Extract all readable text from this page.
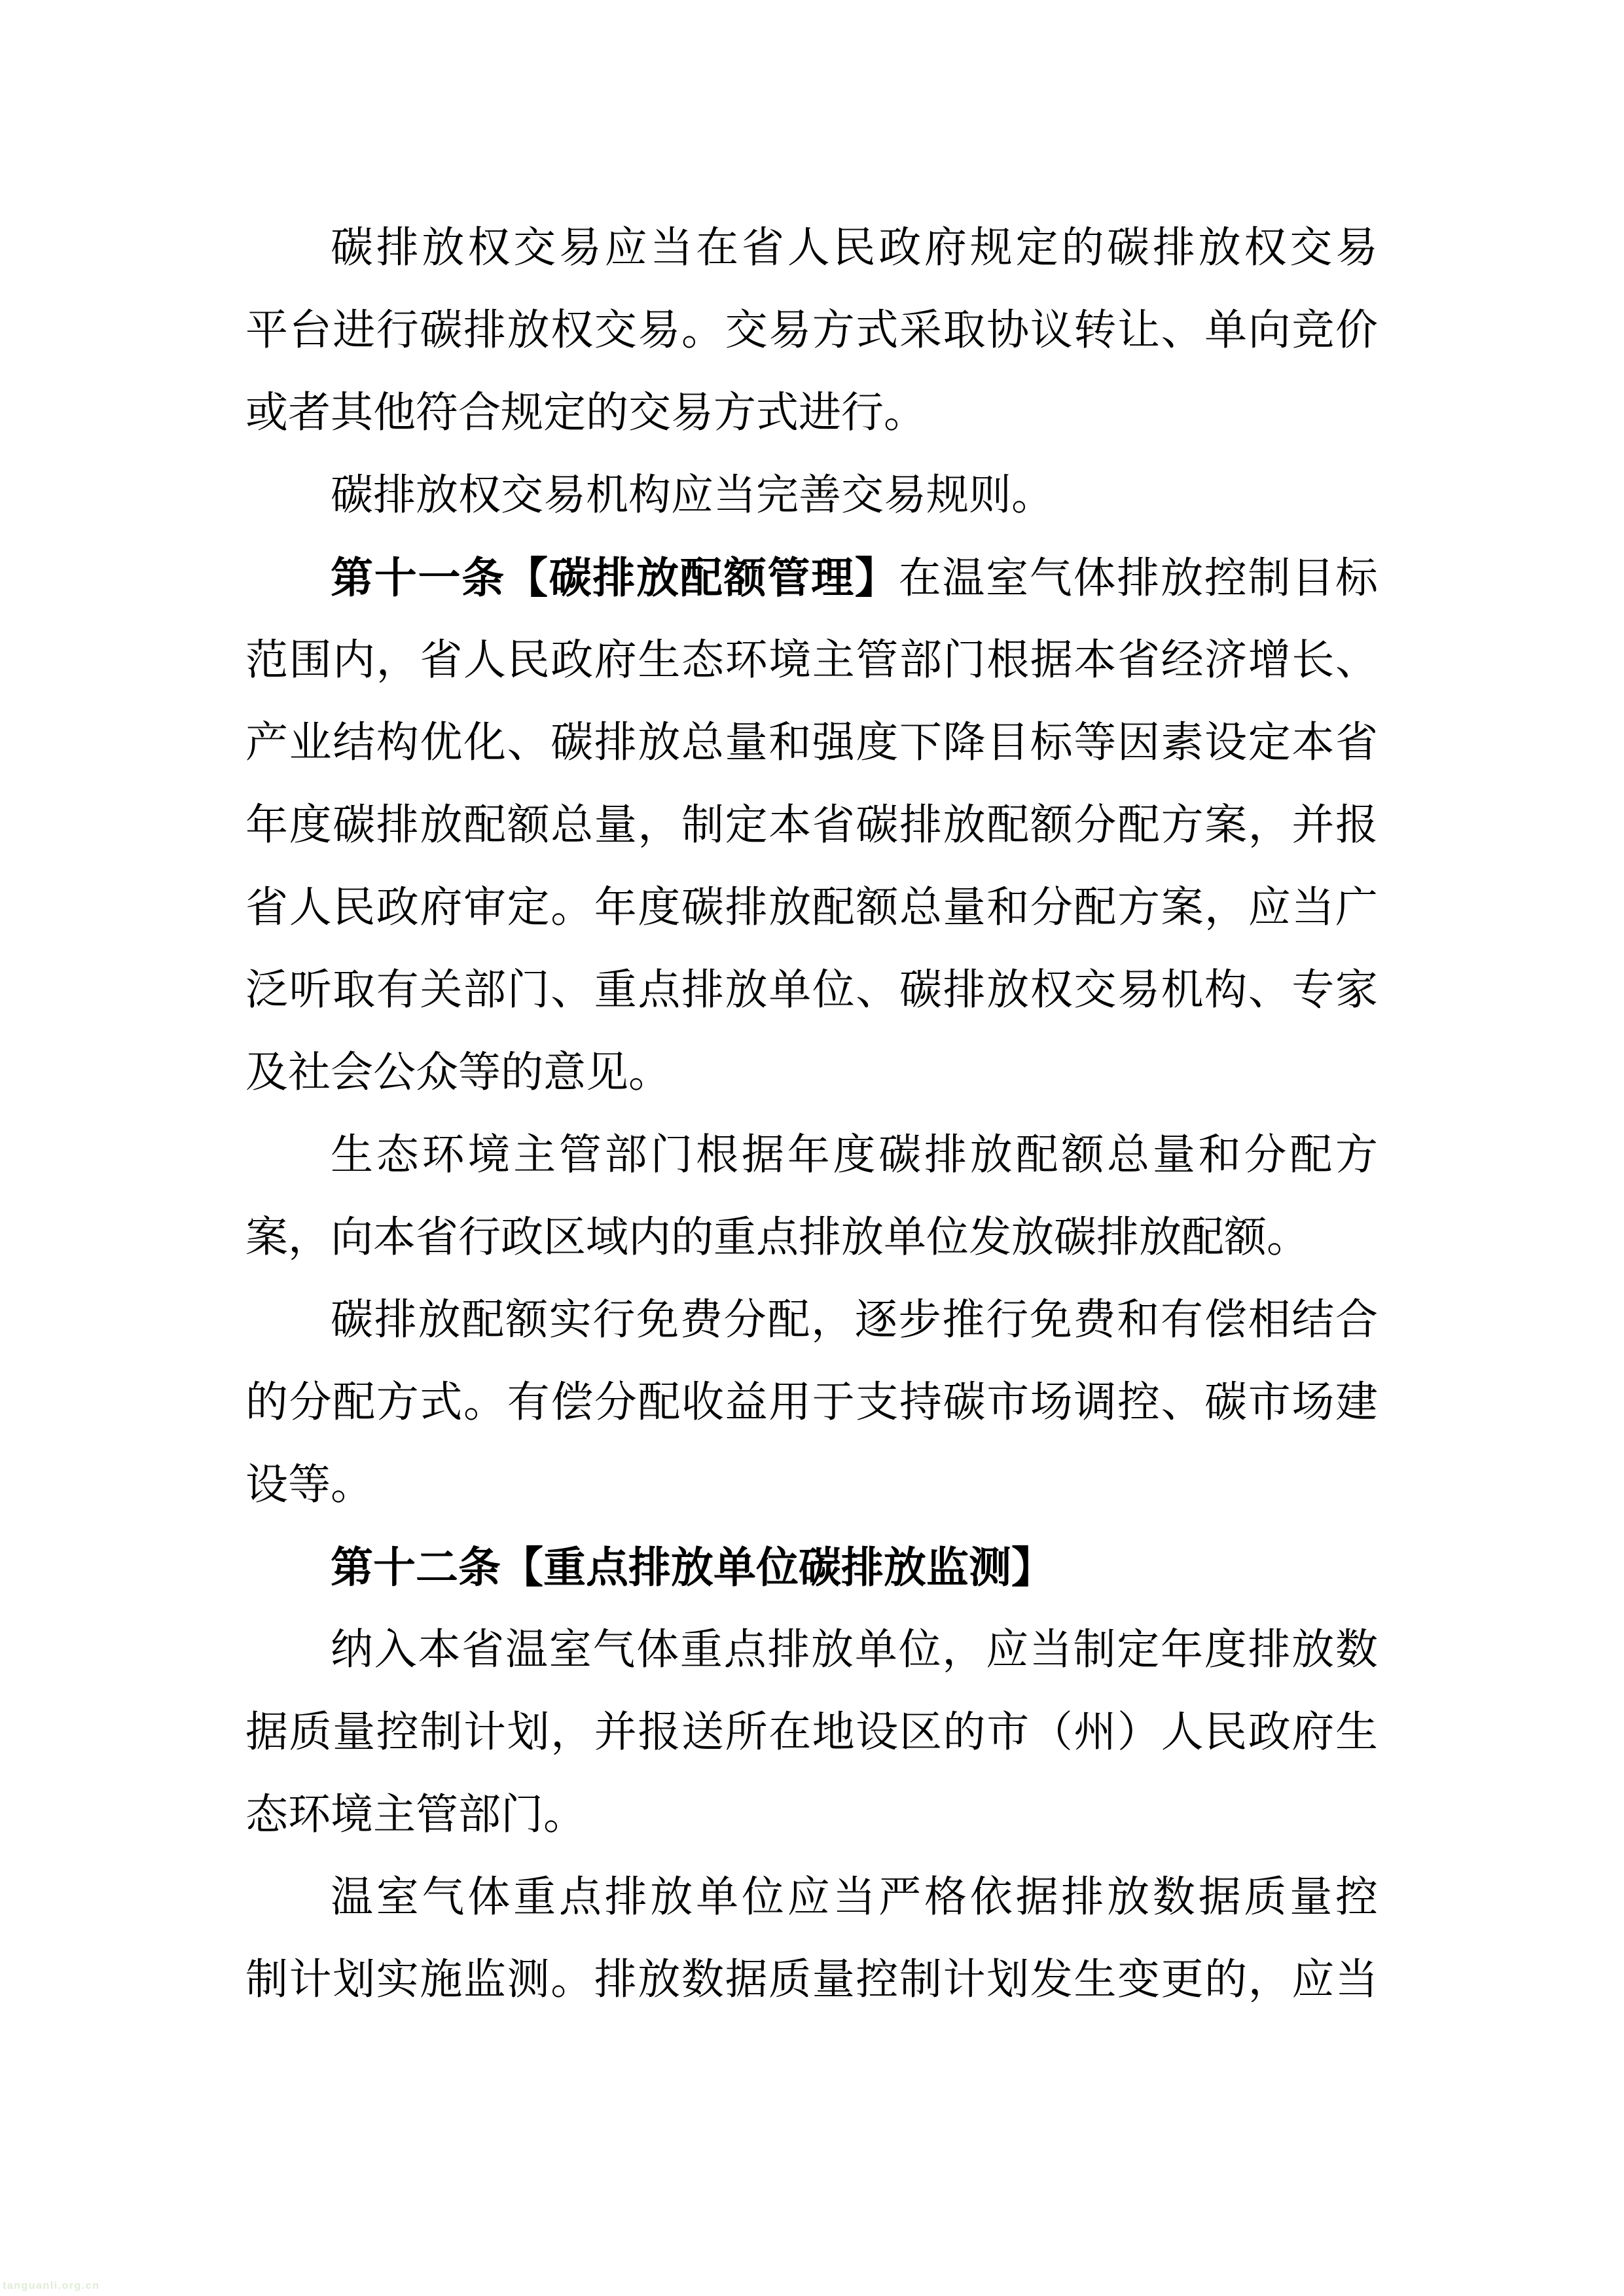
碳排放权交易应当在省人民政府规定的碳排放权交易
平台进行碳排放权交易。交易方式采取协议转让、单向竞价
或者其他符合规定的交易方式进行。
碳排放权交易机构应当完善交易规则。
第十一条【碳排放配额管理】在温室气体排放控制目标
范围内，省人民政府生态环境主管部门根据本省经济增长、
产业结构优化、碳排放总量和强度下降目标等因素设定本省
年度碳排放配额总量，制定本省碳排放配额分配方案，并报
省人民政府审定。年度碳排放配额总量和分配方案，应当广
泛听取有关部门、重点排放单位、碳排放权交易机构、专家
及社会公众等的意见。
生态环境主管部门根据年度碳排放配额总量和分配方
案，向本省行政区域内的重点排放单位发放碳排放配额。
碳排放配额实行免费分配，逐步推行免费和有偿相结合
的分配方式。有偿分配收益用于支持碳市场调控、碳市场建
设等。
第十二条【重点排放单位碳排放监测】
纳入本省温室气体重点排放单位，应当制定年度排放数
据质量控制计划，并报送所在地设区的市（州）人民政府生
态环境主管部门。
温室气体重点排放单位应当严格依据排放数据质量控
制计划实施监测。排放数据质量控制计划发生变更的，应当
tanguanli.org.cn
